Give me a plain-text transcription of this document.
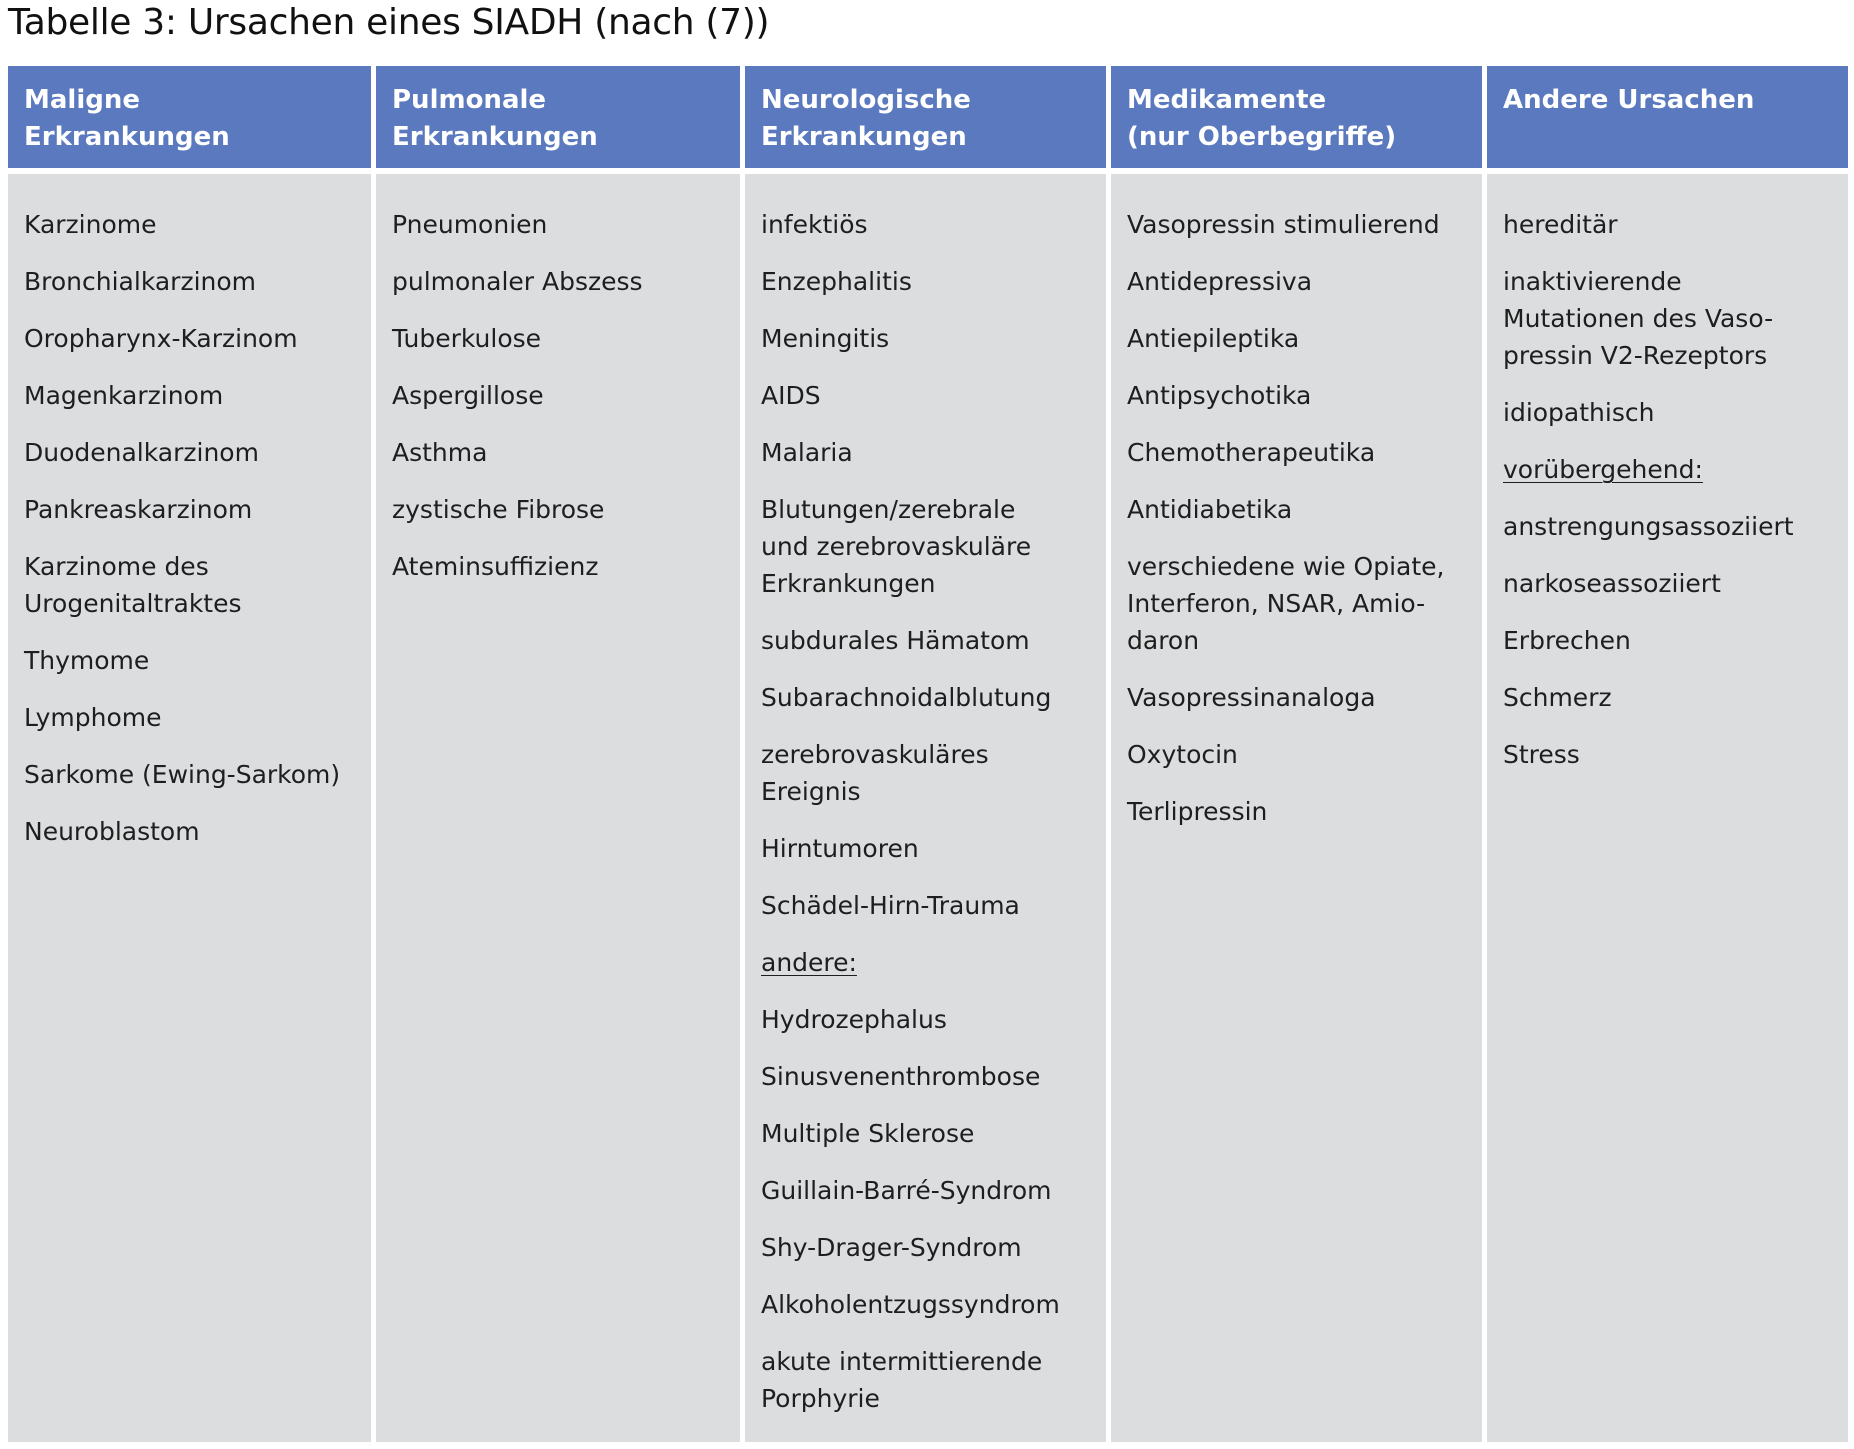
Tabelle 3: Ursachen eines SIADH (nach (7))
Maligne
Erkrankungen
Pulmonale
Erkrankungen
Neurologische
Erkrankungen
Medikamente
(nur Oberbegriffe)
Andere Ursachen
Karzinome
Bronchialkarzinom
Oropharynx-Karzinom
Magenkarzinom
Duodenalkarzinom
Pankreaskarzinom
Karzinome des
Urogenitaltraktes
Thymome
Lymphome
Sarkome (Ewing-Sarkom)
Neuroblastom
Pneumonien
pulmonaler Abszess
Tuberkulose
Aspergillose
Asthma
zystische Fibrose
Ateminsuffizienz
infektiös
Enzephalitis
Meningitis
AIDS
Malaria
Blutungen/zerebrale
und zerebrovaskuläre
Erkrankungen
subdurales Hämatom
Subarachnoidalblutung
zerebrovaskuläres
Ereignis
Hirntumoren
Schädel-Hirn-Trauma
andere:
Hydrozephalus
Sinusvenenthrombose
Multiple Sklerose
Guillain-Barré-Syndrom
Shy-Drager-Syndrom
Alkoholentzugssyndrom
akute intermittierende
Porphyrie
Vasopressin stimulierend
Antidepressiva
Antiepileptika
Antipsychotika
Chemotherapeutika
Antidiabetika
verschiedene wie Opiate,
Interferon, NSAR, Amio-
daron
Vasopressinanaloga
Oxytocin
Terlipressin
hereditär
inaktivierende
Mutationen des Vaso-
pressin V2-Rezeptors
idiopathisch
vorübergehend:
anstrengungsassoziiert
narkoseassoziiert
Erbrechen
Schmerz
Stress
